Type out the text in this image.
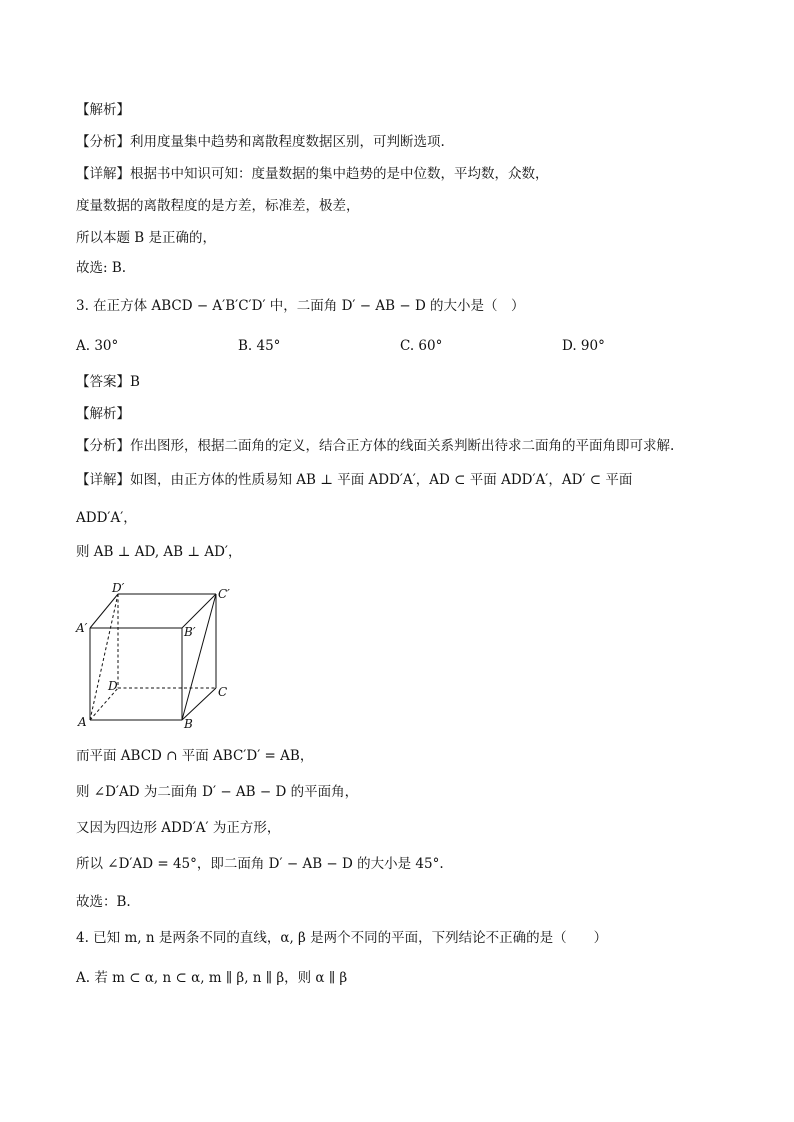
【解析】
【分析】利用度量集中趋势和离散程度数据区别，可判断选项.
【详解】根据书中知识可知：度量数据的集中趋势的是中位数，平均数，众数，
度量数据的离散程度的是方差，标准差，极差，
所以本题 B 是正确的，
故选: B.
3. 在正方体 ABCD − A′B′C′D′ 中，二面角 D′ − AB − D 的大小是（　）
A. 30°	B. 45°	C. 60°	D. 90°
【答案】B
【解析】
【分析】作出图形，根据二面角的定义，结合正方体的线面关系判断出待求二面角的平面角即可求解.
【详解】如图，由正方体的性质易知 AB ⊥ 平面 ADD′A′，AD ⊂ 平面 ADD′A′，AD′ ⊂ 平面
ADD′A′，
则 AB ⊥ AD, AB ⊥ AD′，
D′	C′
A′	B′
D	C
A	B
而平面 ABCD ∩ 平面 ABC′D′ = AB，
则 ∠D′AD 为二面角 D′ − AB − D 的平面角，
又因为四边形 ADD′A′ 为正方形，
所以 ∠D′AD = 45°，即二面角 D′ − AB − D 的大小是 45°.
故选：B.
4. 已知 m, n 是两条不同的直线，α, β 是两个不同的平面，下列结论不正确的是（　　）
A. 若 m ⊂ α, n ⊂ α, m ∥ β, n ∥ β，则 α ∥ β
